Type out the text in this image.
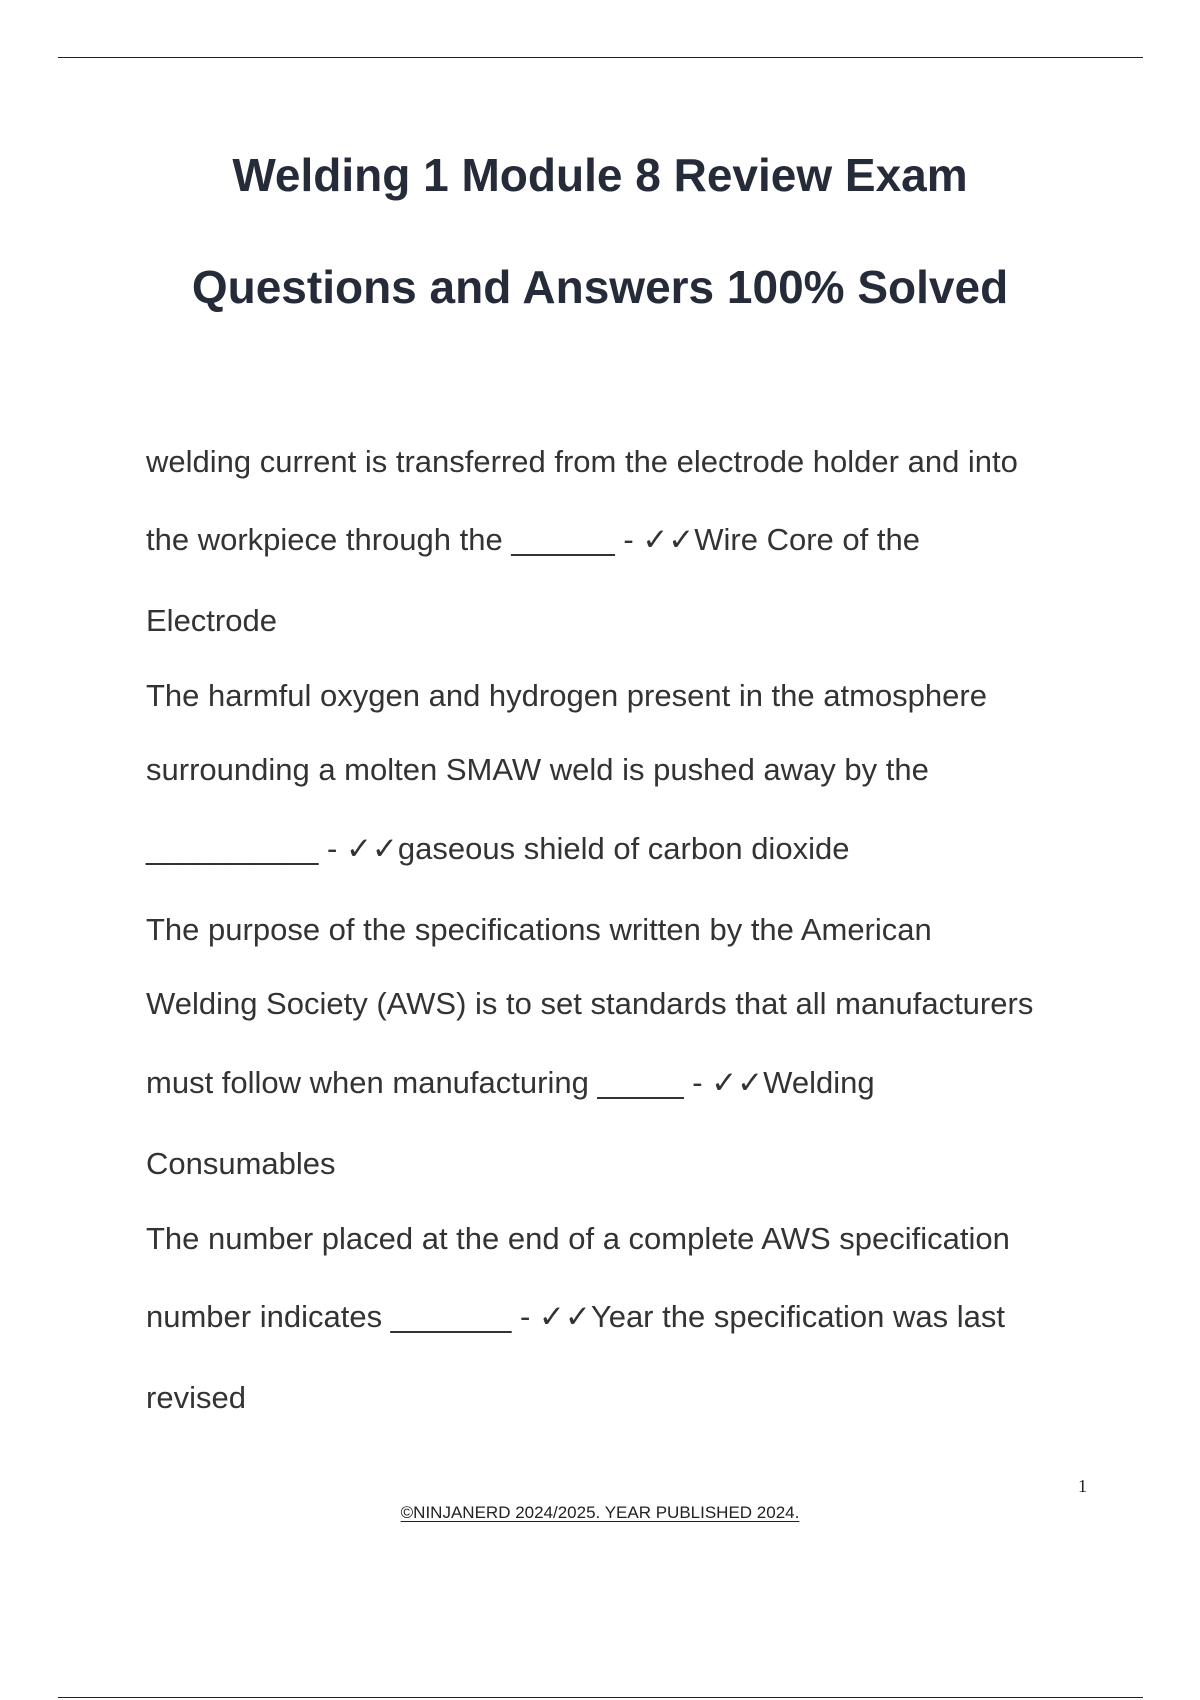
Welding 1 Module 8 Review Exam
Questions and Answers 100% Solved
welding current is transferred from the electrode holder and into
the workpiece through the ______ - ✓✓Wire Core of the
Electrode
The harmful oxygen and hydrogen present in the atmosphere
surrounding a molten SMAW weld is pushed away by the
__________ - ✓✓gaseous shield of carbon dioxide
The purpose of the specifications written by the American
Welding Society (AWS) is to set standards that all manufacturers
must follow when manufacturing _____ - ✓✓Welding
Consumables
The number placed at the end of a complete AWS specification
number indicates _______ - ✓✓Year the specification was last
revised
1
©NINJANERD 2024/2025. YEAR PUBLISHED 2024.
